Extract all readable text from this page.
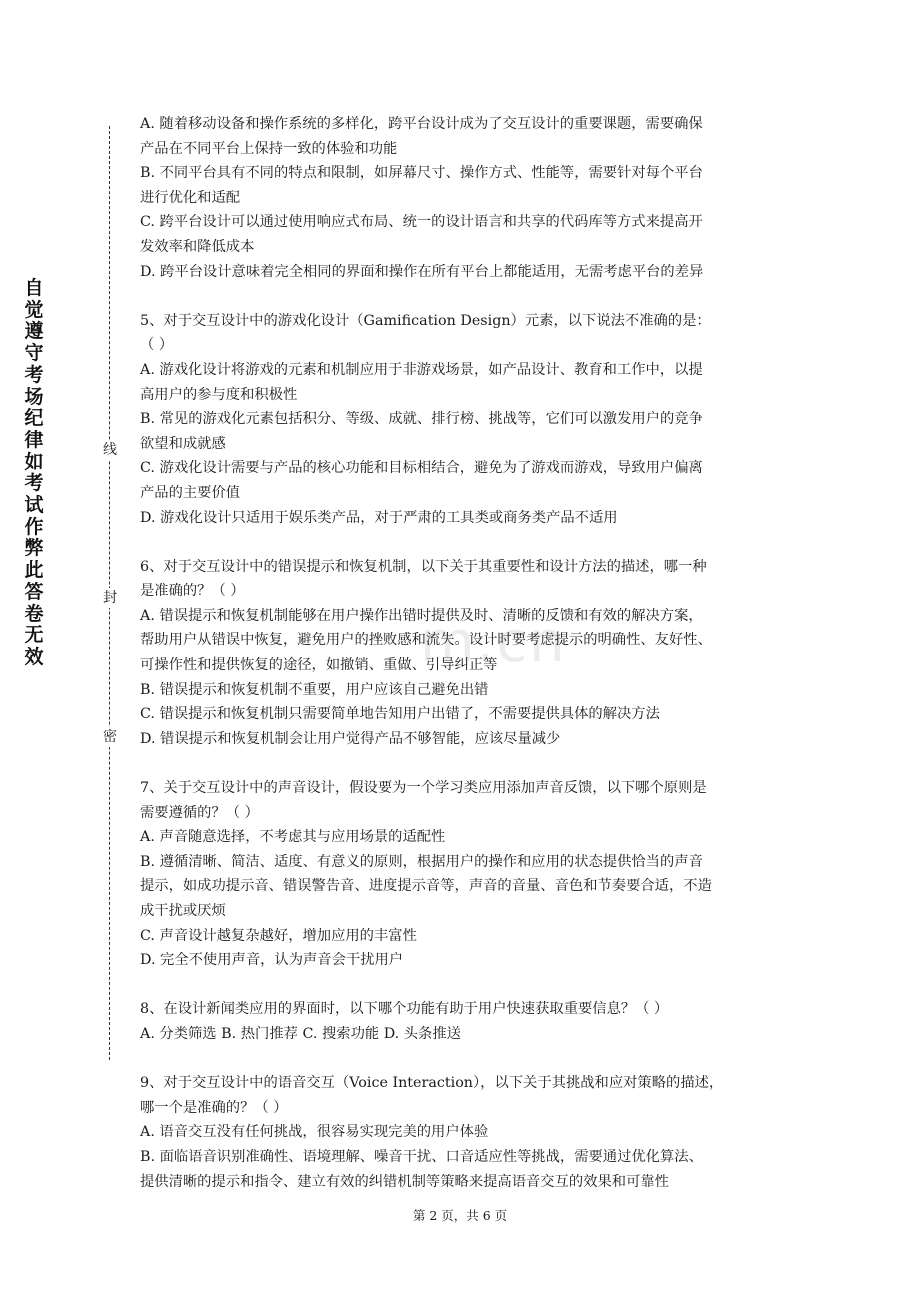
自
觉
遵
守
考
场
纪
律
如
考
试
作
弊
此
答
卷
无
效
线
封
密
m.cn
A. 随着移动设备和操作系统的多样化，跨平台设计成为了交互设计的重要课题，需要确保
产品在不同平台上保持一致的体验和功能
B. 不同平台具有不同的特点和限制，如屏幕尺寸、操作方式、性能等，需要针对每个平台
进行优化和适配
C. 跨平台设计可以通过使用响应式布局、统一的设计语言和共享的代码库等方式来提高开
发效率和降低成本
D. 跨平台设计意味着完全相同的界面和操作在所有平台上都能适用，无需考虑平台的差异
5、对于交互设计中的游戏化设计（Gamification Design）元素，以下说法不准确的是：
（ ）
A. 游戏化设计将游戏的元素和机制应用于非游戏场景，如产品设计、教育和工作中，以提
高用户的参与度和积极性
B. 常见的游戏化元素包括积分、等级、成就、排行榜、挑战等，它们可以激发用户的竞争
欲望和成就感
C. 游戏化设计需要与产品的核心功能和目标相结合，避免为了游戏而游戏，导致用户偏离
产品的主要价值
D. 游戏化设计只适用于娱乐类产品，对于严肃的工具类或商务类产品不适用
6、对于交互设计中的错误提示和恢复机制，以下关于其重要性和设计方法的描述，哪一种
是准确的？（ ）
A. 错误提示和恢复机制能够在用户操作出错时提供及时、清晰的反馈和有效的解决方案，
帮助用户从错误中恢复，避免用户的挫败感和流失。设计时要考虑提示的明确性、友好性、
可操作性和提供恢复的途径，如撤销、重做、引导纠正等
B. 错误提示和恢复机制不重要，用户应该自己避免出错
C. 错误提示和恢复机制只需要简单地告知用户出错了，不需要提供具体的解决方法
D. 错误提示和恢复机制会让用户觉得产品不够智能，应该尽量减少
7、关于交互设计中的声音设计，假设要为一个学习类应用添加声音反馈，以下哪个原则是
需要遵循的？（ ）
A. 声音随意选择，不考虑其与应用场景的适配性
B. 遵循清晰、简洁、适度、有意义的原则，根据用户的操作和应用的状态提供恰当的声音
提示，如成功提示音、错误警告音、进度提示音等，声音的音量、音色和节奏要合适，不造
成干扰或厌烦
C. 声音设计越复杂越好，增加应用的丰富性
D. 完全不使用声音，认为声音会干扰用户
8、在设计新闻类应用的界面时，以下哪个功能有助于用户快速获取重要信息？（ ）
A. 分类筛选 B. 热门推荐 C. 搜索功能 D. 头条推送
9、对于交互设计中的语音交互（Voice Interaction），以下关于其挑战和应对策略的描述，
哪一个是准确的？（ ）
A. 语音交互没有任何挑战，很容易实现完美的用户体验
B. 面临语音识别准确性、语境理解、噪音干扰、口音适应性等挑战，需要通过优化算法、
提供清晰的提示和指令、建立有效的纠错机制等策略来提高语音交互的效果和可靠性
第 2 页，共 6 页
